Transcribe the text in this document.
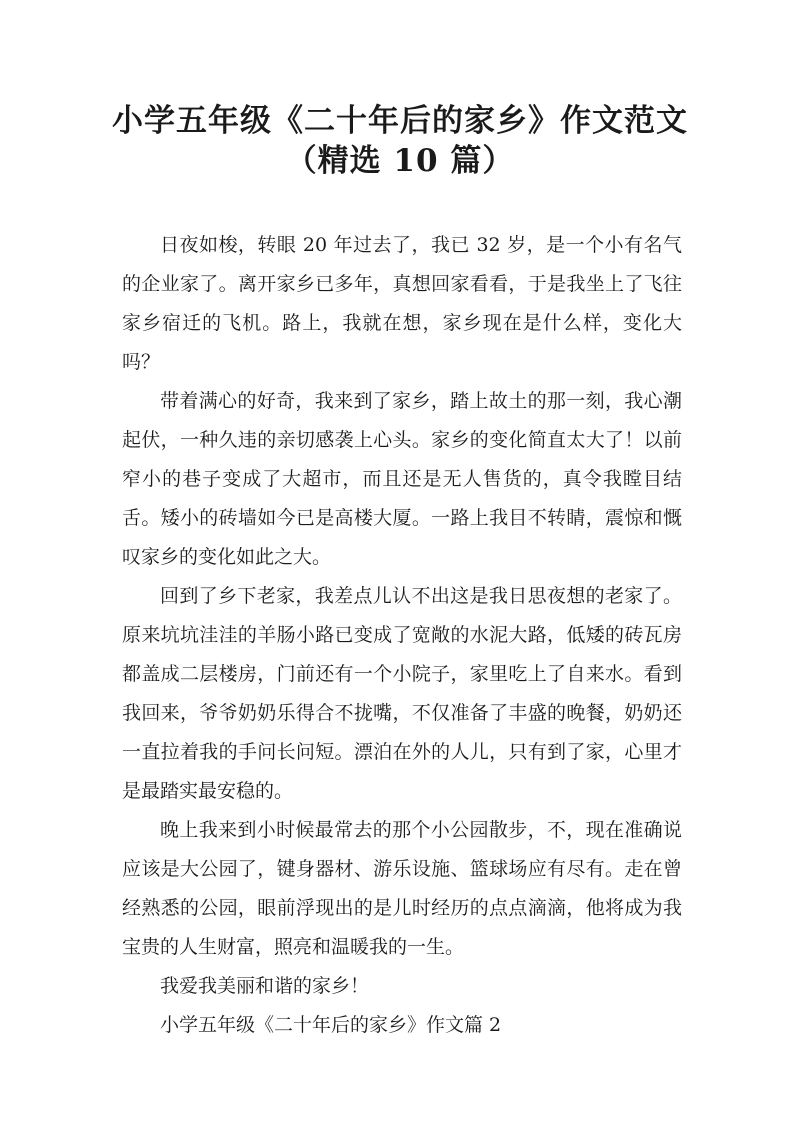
小学五年级《二十年后的家乡》作文范文
（精选 10 篇）

日夜如梭，转眼 20 年过去了，我已 32 岁，是一个小有名气的企业家了。离开家乡已多年，真想回家看看，于是我坐上了飞往家乡宿迁的飞机。路上，我就在想，家乡现在是什么样，变化大吗？

带着满心的好奇，我来到了家乡，踏上故土的那一刻，我心潮起伏，一种久违的亲切感袭上心头。家乡的变化简直太大了！以前窄小的巷子变成了大超市，而且还是无人售货的，真令我瞠目结舌。矮小的砖墙如今已是高楼大厦。一路上我目不转睛，震惊和慨叹家乡的变化如此之大。

回到了乡下老家，我差点儿认不出这是我日思夜想的老家了。原来坑坑洼洼的羊肠小路已变成了宽敞的水泥大路，低矮的砖瓦房都盖成二层楼房，门前还有一个小院子，家里吃上了自来水。看到我回来，爷爷奶奶乐得合不拢嘴，不仅准备了丰盛的晚餐，奶奶还一直拉着我的手问长问短。漂泊在外的人儿，只有到了家，心里才是最踏实最安稳的。

晚上我来到小时候最常去的那个小公园散步，不，现在准确说应该是大公园了，键身器材、游乐设施、篮球场应有尽有。走在曾经熟悉的公园，眼前浮现出的是儿时经历的点点滴滴，他将成为我宝贵的人生财富，照亮和温暖我的一生。

我爱我美丽和谐的家乡！

小学五年级《二十年后的家乡》作文篇 2
